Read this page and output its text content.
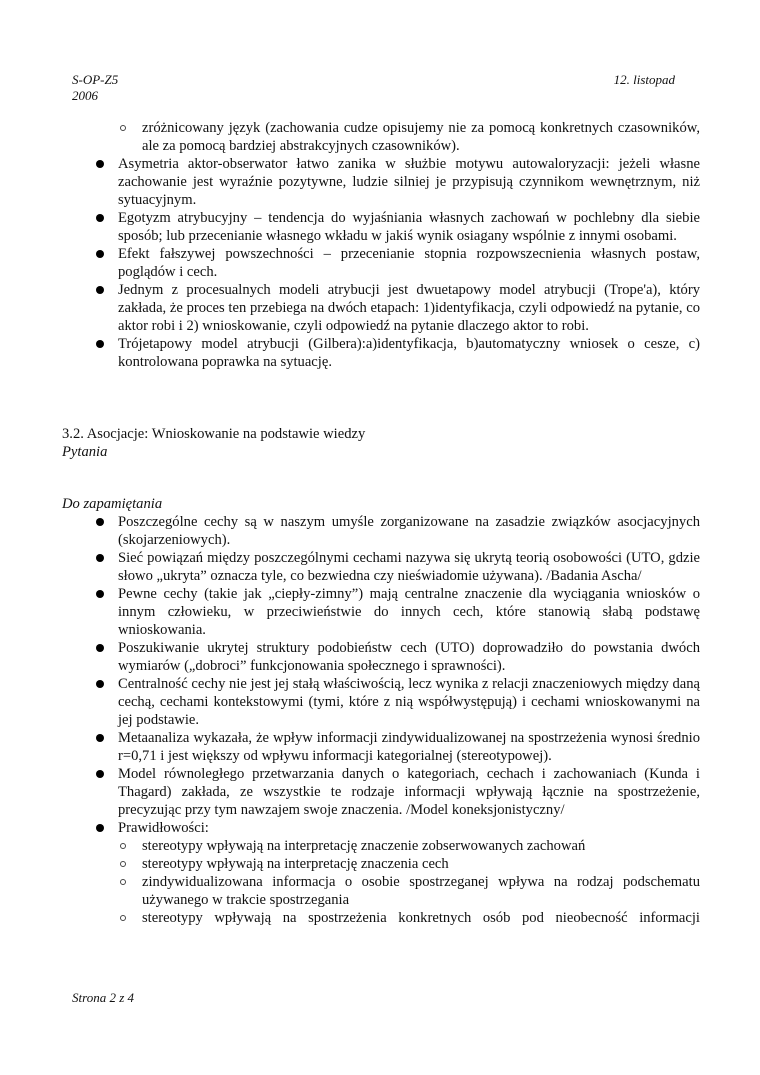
S-OP-Z5
2006
12. listopad
zróżnicowany język (zachowania cudze opisujemy nie za pomocą konkretnych czasowników, ale za pomocą bardziej abstrakcyjnych czasowników).
Asymetria aktor-obserwator łatwo zanika w służbie motywu autowaloryzacji: jeżeli własne zachowanie jest wyraźnie pozytywne, ludzie silniej je przypisują czynnikom wewnętrznym, niż sytuacyjnym.
Egotyzm atrybucyjny – tendencja do wyjaśniania własnych zachowań w pochlebny dla siebie sposób; lub przecenianie własnego wkładu w jakiś wynik osiagany wspólnie z innymi osobami.
Efekt fałszywej powszechności – przecenianie stopnia rozpowszecnienia własnych postaw, poglądów i cech.
Jednym z procesualnych modeli atrybucji jest dwuetapowy model atrybucji (Trope'a), który zakłada, że proces ten przebiega na dwóch etapach: 1)identyfikacja, czyli odpowiedź na pytanie, co aktor robi i 2) wnioskowanie, czyli odpowiedź na pytanie dlaczego aktor to robi.
Trójetapowy model atrybucji (Gilbera):a)identyfikacja, b)automatyczny wniosek o cesze, c) kontrolowana poprawka na sytuację.
3.2. Asocjacje: Wnioskowanie na podstawie wiedzy
Pytania
Do zapamiętania
Poszczególne cechy są w naszym umyśle zorganizowane na zasadzie związków asocjacyjnych (skojarzeniowych).
Sieć powiązań między poszczególnymi cechami nazywa się ukrytą teorią osobowości (UTO, gdzie słowo „ukryta” oznacza tyle, co bezwiedna czy nieświadomie używana). /Badania Ascha/
Pewne cechy (takie jak „ciepły-zimny”) mają centralne znaczenie dla wyciągania wniosków o innym człowieku, w przeciwieństwie do innych cech, które stanowią słabą podstawę wnioskowania.
Poszukiwanie ukrytej struktury podobieństw cech (UTO) doprowadziło do powstania dwóch wymiarów („dobroci” funkcjonowania społecznego i sprawności).
Centralność cechy nie jest jej stałą właściwością, lecz wynika z relacji znaczeniowych między daną cechą, cechami kontekstowymi (tymi, które z nią współwystępują) i cechami wnioskowanymi na jej podstawie.
Metaanaliza wykazała, że wpływ informacji zindywidualizowanej na spostrzeżenia wynosi średnio r=0,71 i jest większy od wpływu informacji kategorialnej (stereotypowej).
Model równoległego przetwarzania danych o kategoriach, cechach i zachowaniach (Kunda i Thagard) zakłada, ze wszystkie te rodzaje informacji wpływają łącznie na spostrzeżenie, precyzując przy tym nawzajem swoje znaczenia. /Model koneksjonistyczny/
Prawidłowości:
stereotypy wpływają na interpretację znaczenie zobserwowanych zachowań
stereotypy wpływają na interpretację znaczenia cech
zindywidualizowana informacja o osobie spostrzeganej wpływa na rodzaj podschematu używanego w trakcie spostrzegania
stereotypy wpływają na spostrzeżenia konkretnych osób pod nieobecność informacji
Strona 2 z 4
